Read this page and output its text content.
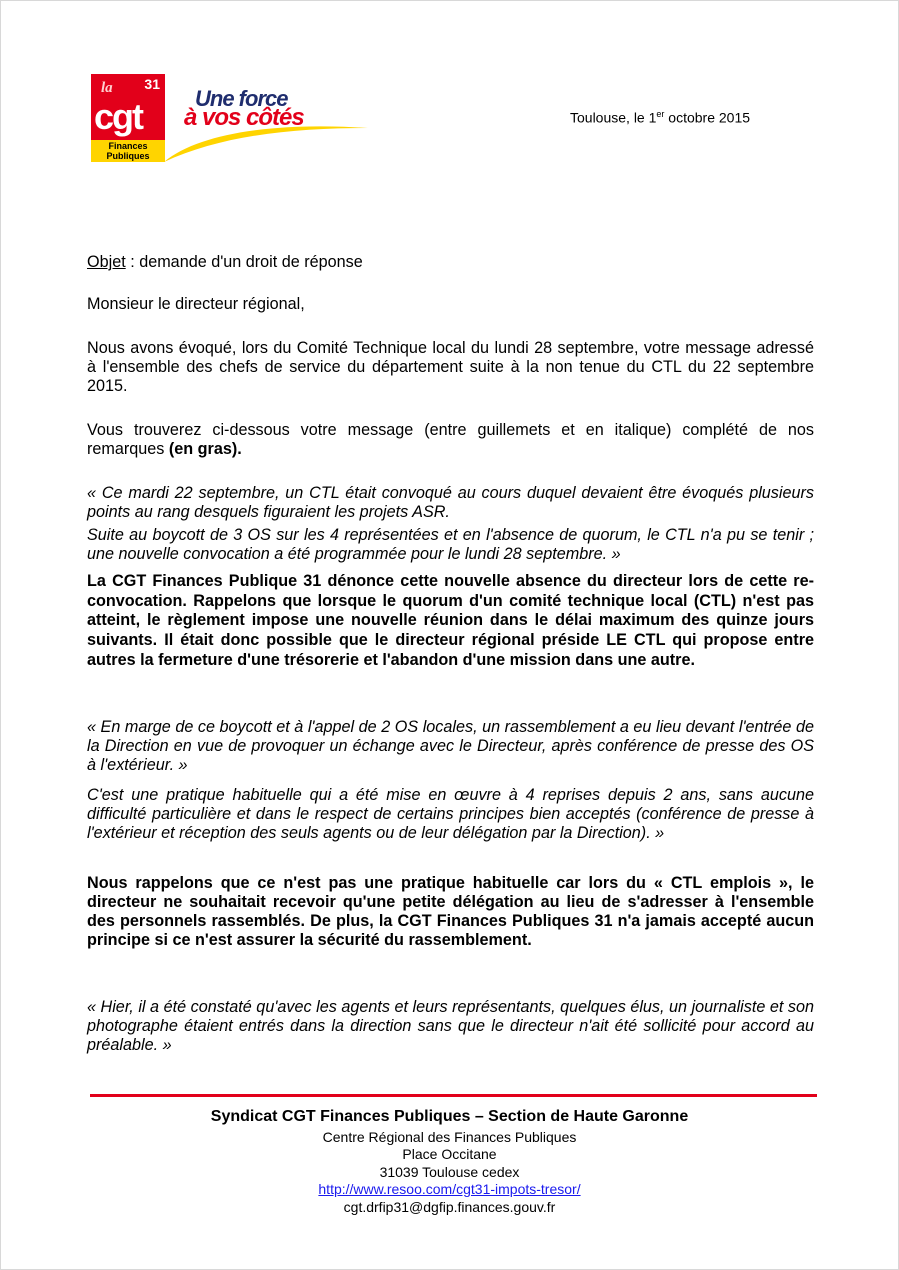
la 31
cgt
Finances
Publiques
Une force
à vos côtés	Toulouse, le 1er octobre 2015

Objet : demande d'un droit de réponse

Monsieur le directeur régional,

Nous avons évoqué, lors du Comité Technique local du lundi 28 septembre, votre message adressé à l'ensemble des chefs de service du département suite à la non tenue du CTL du 22 septembre 2015.

Vous trouverez ci-dessous votre message (entre guillemets et en italique) complété de nos remarques (en gras).

« Ce mardi 22 septembre, un CTL était convoqué au cours duquel devaient être évoqués plusieurs points au rang desquels figuraient les projets ASR.

Suite au boycott de 3 OS sur les 4 représentées et en l'absence de quorum, le CTL n'a pu se tenir ; une nouvelle convocation a été programmée pour le lundi 28 septembre. »

La CGT Finances Publique 31 dénonce cette nouvelle absence du directeur lors de cette re-convocation. Rappelons que lorsque le quorum d'un comité technique local (CTL) n'est pas atteint, le règlement impose une nouvelle réunion dans le délai maximum des quinze jours suivants. Il était donc possible que le directeur régional préside LE CTL qui propose entre autres la fermeture d'une trésorerie et l'abandon d'une mission dans une autre.

« En marge de ce boycott et à l'appel de 2 OS locales, un rassemblement a eu lieu devant l'entrée de la Direction en vue de provoquer un échange avec le Directeur, après conférence de presse des OS à l'extérieur. »

C'est une pratique habituelle qui a été mise en œuvre à 4 reprises depuis 2 ans, sans aucune difficulté particulière et dans le respect de certains principes bien acceptés (conférence de presse à l'extérieur et réception des seuls agents ou de leur délégation par la Direction). »

Nous rappelons que ce n'est pas une pratique habituelle car lors du « CTL emplois », le directeur ne souhaitait recevoir qu'une petite délégation au lieu de s'adresser à l'ensemble des personnels rassemblés. De plus, la CGT Finances Publiques 31 n'a jamais accepté aucun principe si ce n'est assurer la sécurité du rassemblement.

« Hier, il a été constaté qu'avec les agents et leurs représentants, quelques élus, un journaliste et son photographe étaient entrés dans la direction sans que le directeur n'ait été sollicité pour accord au préalable. »

Syndicat CGT Finances Publiques – Section de Haute Garonne

Centre Régional des Finances Publiques

Place Occitane

31039 Toulouse cedex

http://www.resoo.com/cgt31-impots-tresor/

cgt.drfip31@dgfip.finances.gouv.fr
